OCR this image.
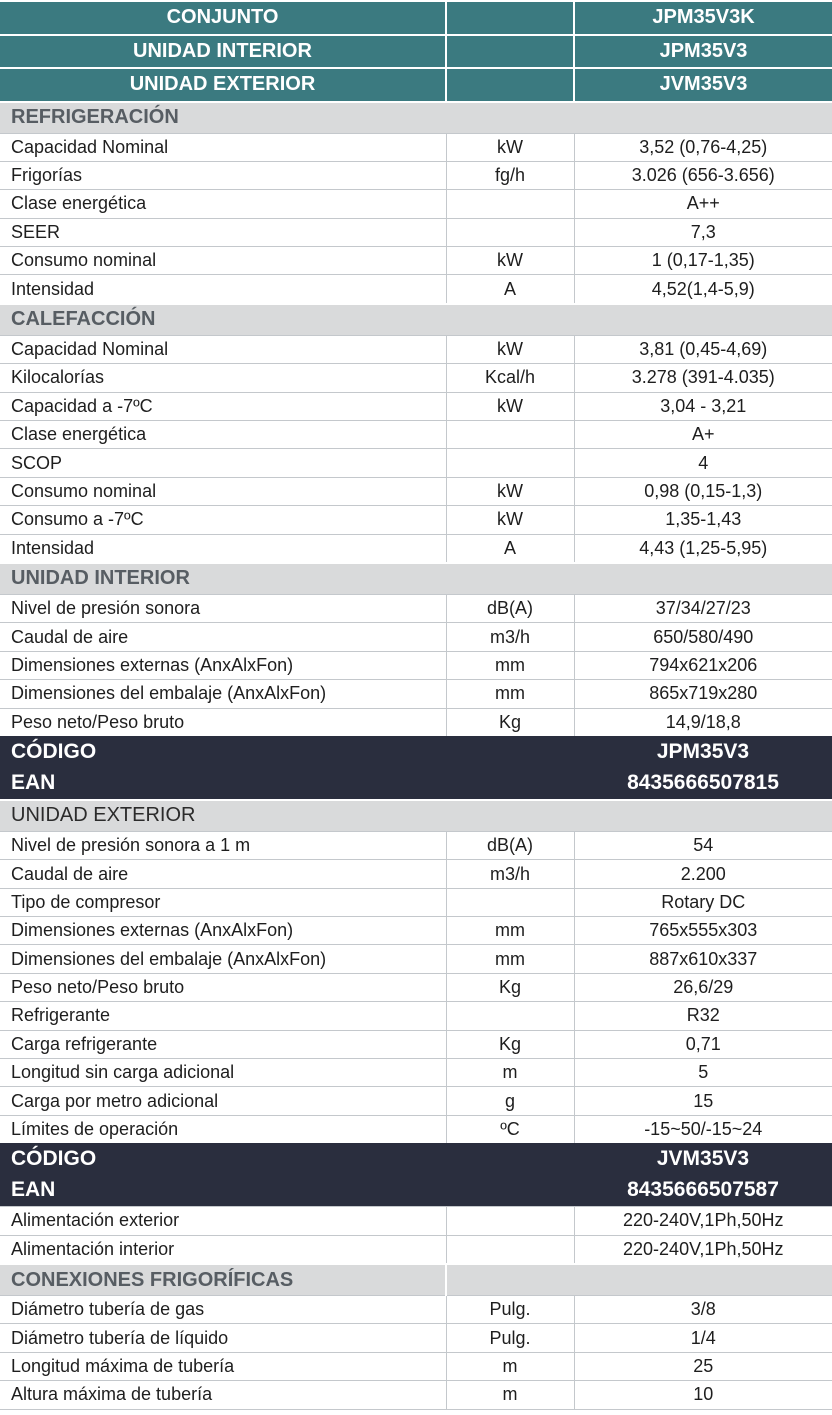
CONJUNTO		JPM35V3K
UNIDAD INTERIOR		JPM35V3
UNIDAD EXTERIOR		JVM35V3
REFRIGERACIÓN		
Capacidad Nominal	kW	3,52 (0,76-4,25)
Frigorías	fg/h	3.026 (656-3.656)
Clase energética		A++
SEER		7,3
Consumo nominal	kW	1 (0,17-1,35)
Intensidad	A	4,52(1,4-5,9)
CALEFACCIÓN		
Capacidad Nominal	kW	3,81 (0,45-4,69)
Kilocalorías	Kcal/h	3.278 (391-4.035)
Capacidad a -7ºC	kW	3,04 - 3,21
Clase energética		A+
SCOP		4
Consumo nominal	kW	0,98 (0,15-1,3)
Consumo a -7ºC	kW	1,35-1,43
Intensidad	A	4,43 (1,25-5,95)
UNIDAD INTERIOR		
Nivel de presión sonora	dB(A)	37/34/27/23
Caudal de aire	m3/h	650/580/490
Dimensiones externas (AnxAlxFon)	mm	794x621x206
Dimensiones del embalaje (AnxAlxFon)	mm	865x719x280
Peso neto/Peso bruto	Kg	14,9/18,8
CÓDIGO		JPM35V3
EAN		8435666507815
UNIDAD EXTERIOR		
Nivel de presión sonora a 1 m	dB(A)	54
Caudal de aire	m3/h	2.200
Tipo de compresor		Rotary DC
Dimensiones externas (AnxAlxFon)	mm	765x555x303
Dimensiones del embalaje (AnxAlxFon)	mm	887x610x337
Peso neto/Peso bruto	Kg	26,6/29
Refrigerante		R32
Carga refrigerante	Kg	0,71
Longitud sin carga adicional	m	5
Carga por metro adicional	g	15
Límites de operación	ºC	-15~50/-15~24
CÓDIGO		JVM35V3
EAN		8435666507587
Alimentación exterior		220-240V,1Ph,50Hz
Alimentación interior		220-240V,1Ph,50Hz
CONEXIONES FRIGORÍFICAS		
Diámetro tubería de gas	Pulg.	3/8
Diámetro tubería de líquido	Pulg.	1/4
Longitud máxima de tubería	m	25
Altura máxima de tubería	m	10
